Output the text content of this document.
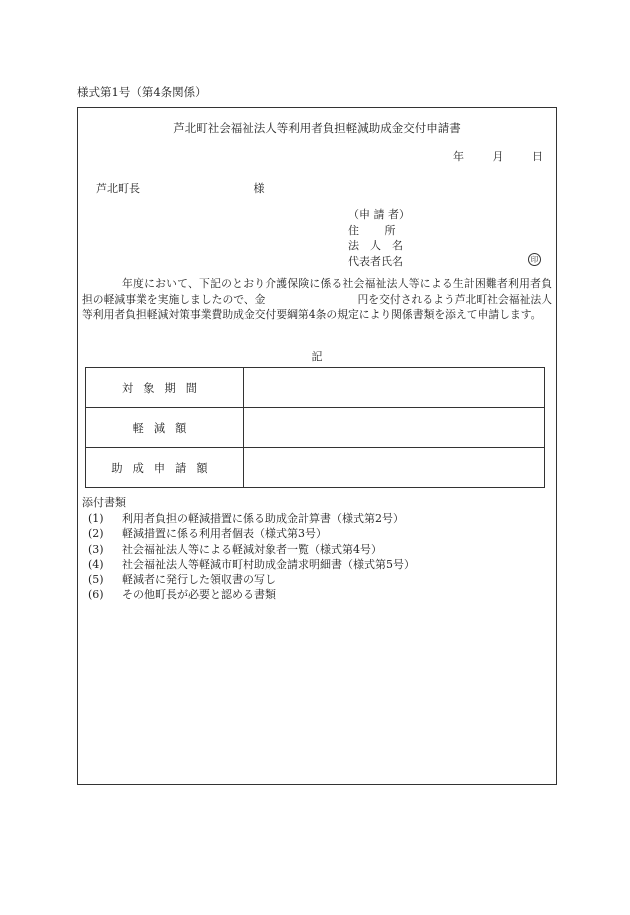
様式第1号（第4条関係）
芦北町社会福祉法人等利用者負担軽減助成金交付申請書
年	月	日
芦北町長	様
（申 請 者）
住　　 所
法　人　名
代表者氏名	印
年度において、下記のとおり介護保険に係る社会福祉法人等による生計困難者利用者負担の軽減事業を実施しましたので、金	円を交付されるよう芦北町社会福祉法人等利用者負担軽減対策事業費助成金交付要綱第4条の規定により関係書類を添えて申請します。
記
対象期間	
軽減額	
助成申請額	
添付書類
(1)	利用者負担の軽減措置に係る助成金計算書（様式第2号）
(2)	軽減措置に係る利用者個表（様式第3号）
(3)	社会福祉法人等による軽減対象者一覧（様式第4号）
(4)	社会福祉法人等軽減市町村助成金請求明細書（様式第5号）
(5)	軽減者に発行した領収書の写し
(6)	その他町長が必要と認める書類
